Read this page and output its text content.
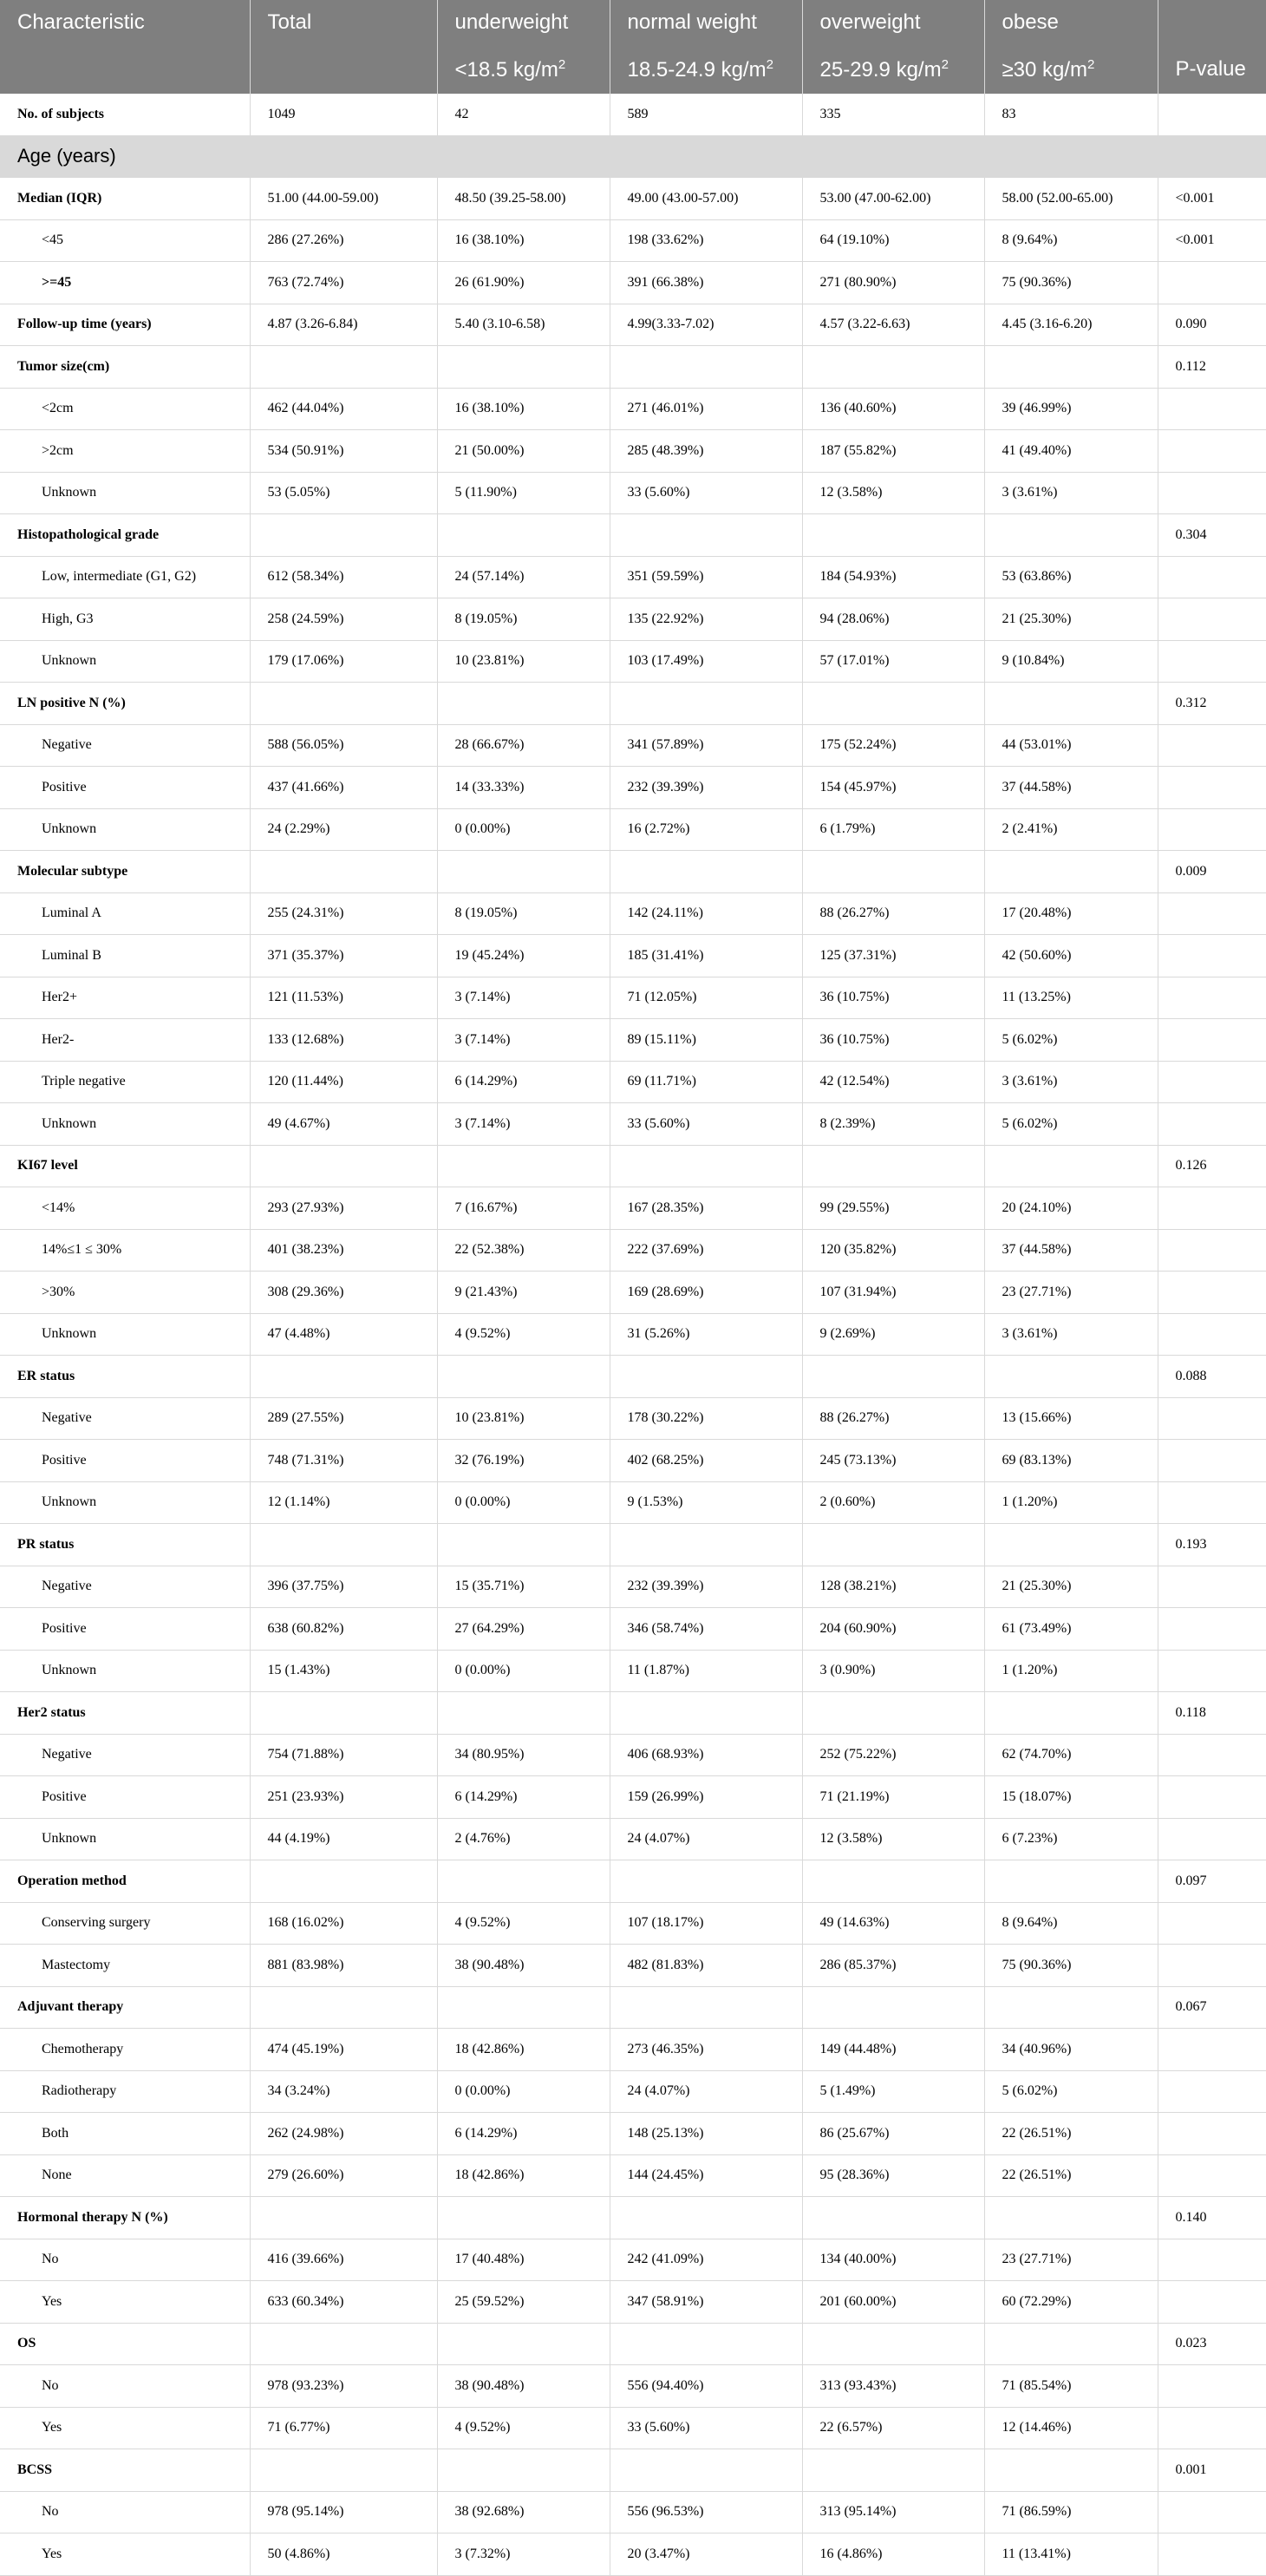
Characteristic	Total	underweight	normal weight	overweight	obese	
		<18.5 $kg/m^2$	18.5-24.9 $kg/m^2$	25-29.9 $kg/m^2$	≥30 $kg/m^2$	P-value
No. of subjects	1049	42	589	335	83	
Age (years)						
Median (IQR)	51.00 (44.00-59.00)	48.50 (39.25-58.00)	49.00 (43.00-57.00)	53.00 (47.00-62.00)	58.00 (52.00-65.00)	<0.001
<45	286 (27.26%)	16 (38.10%)	198 (33.62%)	64 (19.10%)	8 (9.64%)	<0.001
>=45	763 (72.74%)	26 (61.90%)	391 (66.38%)	271 (80.90%)	75 (90.36%)	
Follow-up time (years)	4.87 (3.26-6.84)	5.40 (3.10-6.58)	4.99(3.33-7.02)	4.57 (3.22-6.63)	4.45 (3.16-6.20)	0.090
Tumor size(cm)						0.112
<2cm	462 (44.04%)	16 (38.10%)	271 (46.01%)	136 (40.60%)	39 (46.99%)	
>2cm	534 (50.91%)	21 (50.00%)	285 (48.39%)	187 (55.82%)	41 (49.40%)	
Unknown	53 (5.05%)	5 (11.90%)	33 (5.60%)	12 (3.58%)	3 (3.61%)	
Histopathological grade						0.304
Low, intermediate (G1, G2)	612 (58.34%)	24 (57.14%)	351 (59.59%)	184 (54.93%)	53 (63.86%)	
High, G3	258 (24.59%)	8 (19.05%)	135 (22.92%)	94 (28.06%)	21 (25.30%)	
Unknown	179 (17.06%)	10 (23.81%)	103 (17.49%)	57 (17.01%)	9 (10.84%)	
LN positive N (%)						0.312
Negative	588 (56.05%)	28 (66.67%)	341 (57.89%)	175 (52.24%)	44 (53.01%)	
Positive	437 (41.66%)	14 (33.33%)	232 (39.39%)	154 (45.97%)	37 (44.58%)	
Unknown	24 (2.29%)	0 (0.00%)	16 (2.72%)	6 (1.79%)	2 (2.41%)	
Molecular subtype						0.009
Luminal A	255 (24.31%)	8 (19.05%)	142 (24.11%)	88 (26.27%)	17 (20.48%)	
Luminal B	371 (35.37%)	19 (45.24%)	185 (31.41%)	125 (37.31%)	42 (50.60%)	
Her2+	121 (11.53%)	3 (7.14%)	71 (12.05%)	36 (10.75%)	11 (13.25%)	
Her2-	133 (12.68%)	3 (7.14%)	89 (15.11%)	36 (10.75%)	5 (6.02%)	
Triple negative	120 (11.44%)	6 (14.29%)	69 (11.71%)	42 (12.54%)	3 (3.61%)	
Unknown	49 (4.67%)	3 (7.14%)	33 (5.60%)	8 (2.39%)	5 (6.02%)	
KI67 level						0.126
<14%	293 (27.93%)	7 (16.67%)	167 (28.35%)	99 (29.55%)	20 (24.10%)	
14%≤1 ≤ 30%	401 (38.23%)	22 (52.38%)	222 (37.69%)	120 (35.82%)	37 (44.58%)	
>30%	308 (29.36%)	9 (21.43%)	169 (28.69%)	107 (31.94%)	23 (27.71%)	
Unknown	47 (4.48%)	4 (9.52%)	31 (5.26%)	9 (2.69%)	3 (3.61%)	
ER status						0.088
Negative	289 (27.55%)	10 (23.81%)	178 (30.22%)	88 (26.27%)	13 (15.66%)	
Positive	748 (71.31%)	32 (76.19%)	402 (68.25%)	245 (73.13%)	69 (83.13%)	
Unknown	12 (1.14%)	0 (0.00%)	9 (1.53%)	2 (0.60%)	1 (1.20%)	
PR status						0.193
Negative	396 (37.75%)	15 (35.71%)	232 (39.39%)	128 (38.21%)	21 (25.30%)	
Positive	638 (60.82%)	27 (64.29%)	346 (58.74%)	204 (60.90%)	61 (73.49%)	
Unknown	15 (1.43%)	0 (0.00%)	11 (1.87%)	3 (0.90%)	1 (1.20%)	
Her2 status						0.118
Negative	754 (71.88%)	34 (80.95%)	406 (68.93%)	252 (75.22%)	62 (74.70%)	
Positive	251 (23.93%)	6 (14.29%)	159 (26.99%)	71 (21.19%)	15 (18.07%)	
Unknown	44 (4.19%)	2 (4.76%)	24 (4.07%)	12 (3.58%)	6 (7.23%)	
Operation method						0.097
Conserving surgery	168 (16.02%)	4 (9.52%)	107 (18.17%)	49 (14.63%)	8 (9.64%)	
Mastectomy	881 (83.98%)	38 (90.48%)	482 (81.83%)	286 (85.37%)	75 (90.36%)	
Adjuvant therapy						0.067
Chemotherapy	474 (45.19%)	18 (42.86%)	273 (46.35%)	149 (44.48%)	34 (40.96%)	
Radiotherapy	34 (3.24%)	0 (0.00%)	24 (4.07%)	5 (1.49%)	5 (6.02%)	
Both	262 (24.98%)	6 (14.29%)	148 (25.13%)	86 (25.67%)	22 (26.51%)	
None	279 (26.60%)	18 (42.86%)	144 (24.45%)	95 (28.36%)	22 (26.51%)	
Hormonal therapy N (%)						0.140
No	416 (39.66%)	17 (40.48%)	242 (41.09%)	134 (40.00%)	23 (27.71%)	
Yes	633 (60.34%)	25 (59.52%)	347 (58.91%)	201 (60.00%)	60 (72.29%)	
OS						0.023
No	978 (93.23%)	38 (90.48%)	556 (94.40%)	313 (93.43%)	71 (85.54%)	
Yes	71 (6.77%)	4 (9.52%)	33 (5.60%)	22 (6.57%)	12 (14.46%)	
BCSS						0.001
No	978 (95.14%)	38 (92.68%)	556 (96.53%)	313 (95.14%)	71 (86.59%)	
Yes	50 (4.86%)	3 (7.32%)	20 (3.47%)	16 (4.86%)	11 (13.41%)	
